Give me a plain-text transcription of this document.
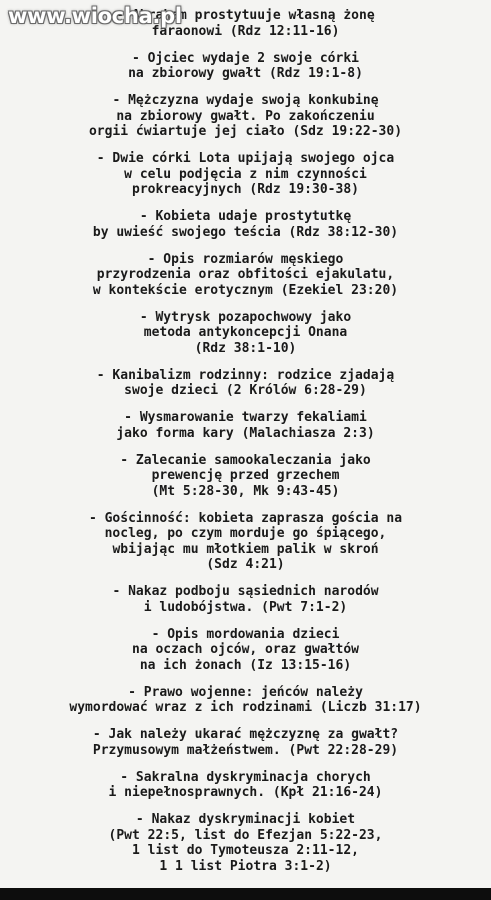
www.wiocha.pl
- Abraham prostytuuje własną żonę
faraonowi (Rdz 12:11-16)
- Ojciec wydaje 2 swoje córki
na zbiorowy gwałt (Rdz 19:1-8)
- Mężczyzna wydaje swoją konkubinę
na zbiorowy gwałt. Po zakończeniu
orgii ćwiartuje jej ciało (Sdz 19:22-30)
- Dwie córki Lota upijają swojego ojca
w celu podjęcia z nim czynności
prokreacyjnych (Rdz 19:30-38)
- Kobieta udaje prostytutkę
by uwieść swojego teścia (Rdz 38:12-30)
- Opis rozmiarów męskiego
przyrodzenia oraz obfitości ejakulatu,
w kontekście erotycznym (Ezekiel 23:20)
- Wytrysk pozapochwowy jako
metoda antykoncepcji Onana
(Rdz 38:1-10)
- Kanibalizm rodzinny: rodzice zjadają
swoje dzieci (2 Królów 6:28-29)
- Wysmarowanie twarzy fekaliami
jako forma kary (Malachiasza 2:3)
- Zalecanie samookaleczania jako
prewencję przed grzechem
(Mt 5:28-30, Mk 9:43-45)
- Gościnność: kobieta zaprasza gościa na
nocleg, po czym morduje go śpiącego,
wbijając mu młotkiem palik w skroń
(Sdz 4:21)
- Nakaz podboju sąsiednich narodów
i ludobójstwa. (Pwt 7:1-2)
- Opis mordowania dzieci
na oczach ojców, oraz gwałtów
na ich żonach (Iz 13:15-16)
- Prawo wojenne: jeńców należy
wymordować wraz z ich rodzinami (Liczb 31:17)
- Jak należy ukarać mężczyznę za gwałt?
Przymusowym małżeństwem. (Pwt 22:28-29)
- Sakralna dyskryminacja chorych
i niepełnosprawnych. (Kpł 21:16-24)
- Nakaz dyskryminacji kobiet
(Pwt 22:5, list do Efezjan 5:22-23,
1 list do Tymoteusza 2:11-12,
1 1 list Piotra 3:1-2)
